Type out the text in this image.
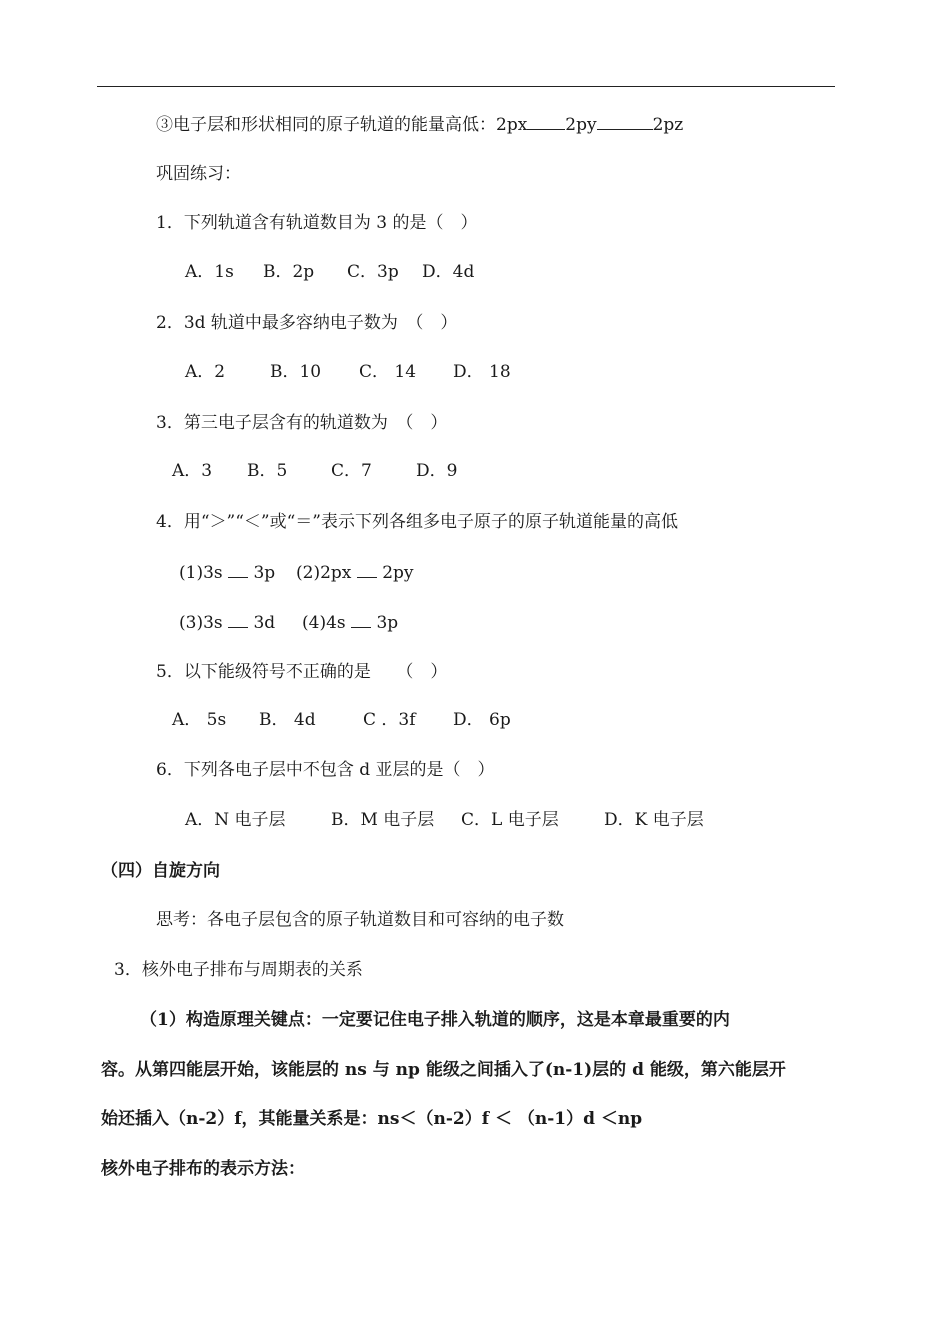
③电子层和形状相同的原子轨道的能量高低：2px 2py	2pz
巩固练习：
1．下列轨道含有轨道数目为 3 的是（　）
A．1s B．2p C．3p D．4d
2．3d 轨道中最多容纳电子数为　（　）
A．2	B．10 C． 14 D． 18
3．第三电子层含有的轨道数为　（　）
A．3 B．5	C．7	D．9
4．用“＞”“＜”或“＝”表示下列各组多电子原子的原子轨道能量的高低
(1)3s 3p (2)2px 2py
(3)3s 3d (4)4s 3p
5．以下能级符号不正确的是　　（　）
A． 5s B． 4d	C ．3f D． 6p
6．下列各电子层中不包含 d 亚层的是（　）
A．N 电子层	B．M 电子层 C．L 电子层	D．K 电子层
（四）自旋方向
思考：各电子层包含的原子轨道数目和可容纳的电子数
3．核外电子排布与周期表的关系
（1）构造原理关键点：一定要记住电子排入轨道的顺序，这是本章最重要的内
容。从第四能层开始，该能层的 ns 与 np 能级之间插入了(n-1)层的 d 能级，第六能层开
始还插入（n-2）f，其能量关系是：ns＜（n-2）f ＜ （n-1）d ＜np
核外电子排布的表示方法：
